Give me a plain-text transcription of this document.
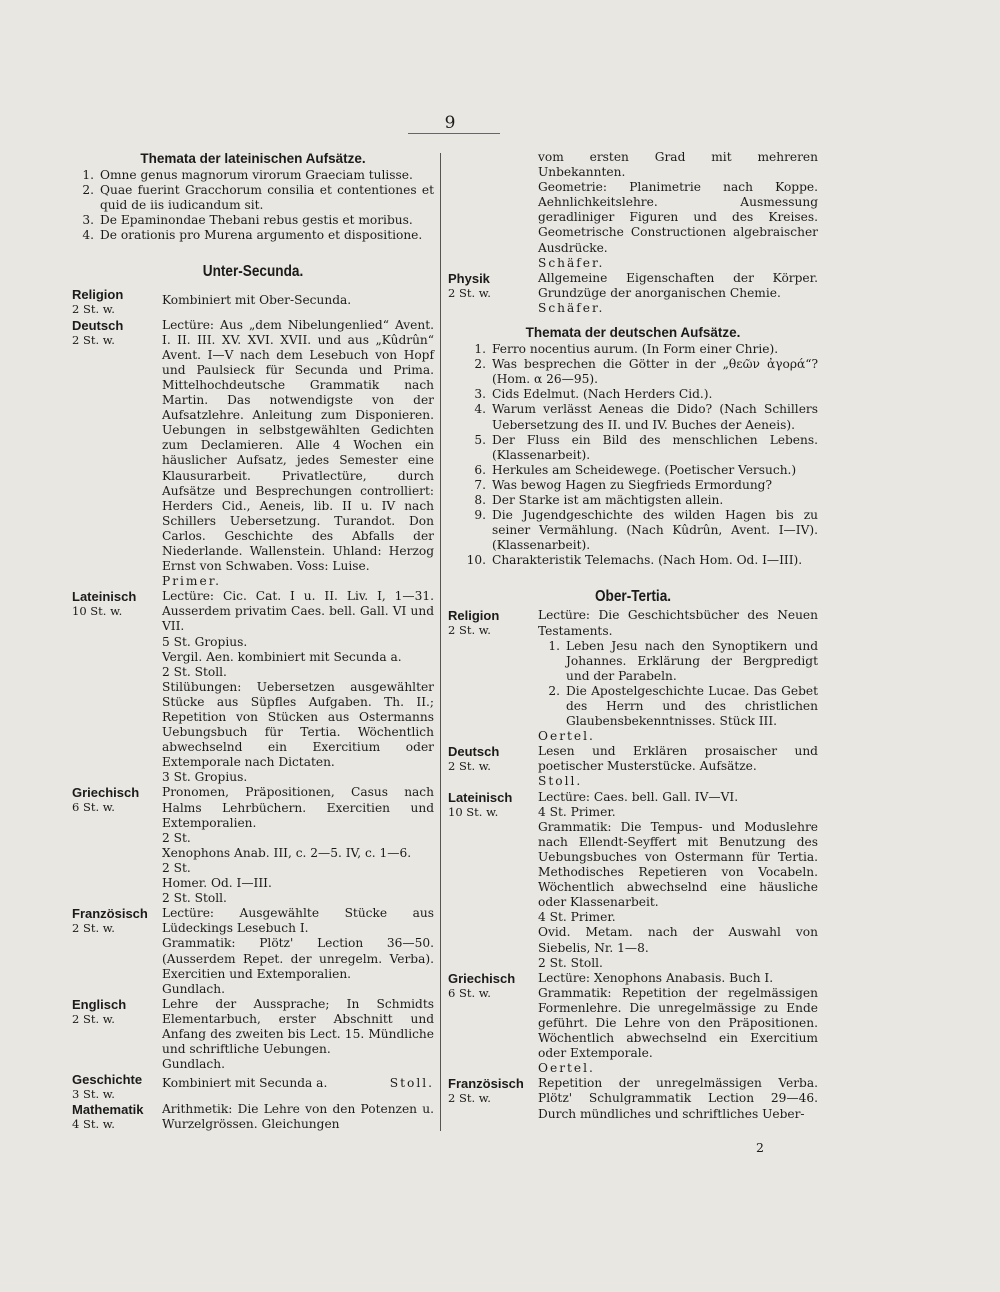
9
Themata der lateinischen Aufsätze.
1. Omne genus magnorum virorum Graeciam tulisse.
2. Quae fuerint Gracchorum consilia et contentiones et quid de iis iudicandum sit.
3. De Epaminondae Thebani rebus gestis et moribus.
4. De orationis pro Murena argumento et dispositione.
Unter-Secunda.
Religion
2 St. w.

Kombiniert mit Ober-Secunda.

Deutsch
2 St. w.

Lectüre: Aus „dem Nibelungenlied“ Avent. I. II. III. XV. XVI. XVII. und aus „Kûdrûn“ Avent. I—V nach dem Lesebuch von Hopf und Paulsieck für Secunda und Prima. Mittelhochdeutsche Grammatik nach Martin. Das notwendigste von der Aufsatzlehre. Anleitung zum Disponieren. Uebungen in selbstgewählten Gedichten zum Declamieren. Alle 4 Wochen ein häuslicher Aufsatz, jedes Semester eine Klausurarbeit. Privatlectüre, durch Aufsätze und Besprechungen controlliert: Herders Cid., Aeneis, lib. II u. IV nach Schillers Uebersetzung. Turandot. Don Carlos. Geschichte des Abfalls der Niederlande. Wallenstein. Uhland: Herzog Ernst von Schwaben. Voss: Luise.

Primer.

Lateinisch
10 St. w.

Lectüre: Cic. Cat. I u. II. Liv. I, 1—31. Ausserdem privatim Caes. bell. Gall. VI und VII.

5 St. Gropius.

Vergil. Aen. kombiniert mit Secunda a.

2 St. Stoll.

Stilübungen: Uebersetzen ausgewählter Stücke aus Süpfles Aufgaben. Th. II.; Repetition von Stücken aus Ostermanns Uebungsbuch für Tertia. Wöchentlich abwechselnd ein Exercitium oder Extemporale nach Dictaten.

3 St. Gropius.

Griechisch
6 St. w.

Pronomen, Präpositionen, Casus nach Halms Lehrbüchern. Exercitien und Extemporalien.

2 St.

Xenophons Anab. III, c. 2—5. IV, c. 1—6.

2 St.

Homer. Od. I—III.

2 St. Stoll.

Französisch
2 St. w.

Lectüre: Ausgewählte Stücke aus Lüdeckings Lesebuch I.

Grammatik: Plötz' Lection 36—50. (Ausserdem Repet. der unregelm. Verba). Exercitien und Extemporalien.

Gundlach.

Englisch
2 St. w.

Lehre der Aussprache; In Schmidts Elementarbuch, erster Abschnitt und Anfang des zweiten bis Lect. 15. Mündliche und schriftliche Uebungen.

Gundlach.

Geschichte
3 St. w.
Kombiniert mit Secunda a.	Stoll.
Mathematik
4 St. w.

Arithmetik: Die Lehre von den Potenzen u. Wurzelgrössen. Gleichungen

vom ersten Grad mit mehreren Unbekannten.

Geometrie: Planimetrie nach Koppe. Aehnlichkeitslehre. Ausmessung geradliniger Figuren und des Kreises. Geometrische Constructionen algebraischer Ausdrücke.

Schäfer.

Physik
2 St. w.

Allgemeine Eigenschaften der Körper. Grundzüge der anorganischen Chemie.

Schäfer.

Themata der deutschen Aufsätze.
1. Ferro nocentius aurum. (In Form einer Chrie).
2. Was besprechen die Götter in der „θεῶν ἀγορά“? (Hom. α 26—95).
3. Cids Edelmut. (Nach Herders Cid.).
4. Warum verlässt Aeneas die Dido? (Nach Schillers Uebersetzung des II. und IV. Buches der Aeneis).
5. Der Fluss ein Bild des menschlichen Lebens. (Klassenarbeit).
6. Herkules am Scheidewege. (Poetischer Versuch.)
7. Was bewog Hagen zu Siegfrieds Ermordung?
8. Der Starke ist am mächtigsten allein.
9. Die Jugendgeschichte des wilden Hagen bis zu seiner Vermählung. (Nach Kûdrûn, Avent. I—IV). (Klassenarbeit).
10. Charakteristik Telemachs. (Nach Hom. Od. I—III).
Ober-Tertia.
Religion
2 St. w.

Lectüre: Die Geschichtsbücher des Neuen Testaments.

1. Leben Jesu nach den Synoptikern und Johannes. Erklärung der Bergpredigt und der Parabeln.
2. Die Apostelgeschichte Lucae. Das Gebet des Herrn und des christlichen Glaubensbekenntnisses. Stück III.

Oertel.

Deutsch
2 St. w.

Lesen und Erklären prosaischer und poetischer Musterstücke. Aufsätze.

Stoll.

Lateinisch
10 St. w.

Lectüre: Caes. bell. Gall. IV—VI.

4 St. Primer.

Grammatik: Die Tempus- und Moduslehre nach Ellendt-Seyffert mit Benutzung des Uebungsbuches von Ostermann für Tertia. Methodisches Repetieren von Vocabeln. Wöchentlich abwechselnd eine häusliche oder Klassenarbeit.

4 St. Primer.

Ovid. Metam. nach der Auswahl von Siebelis, Nr. 1—8.

2 St. Stoll.

Griechisch
6 St. w.

Lectüre: Xenophons Anabasis. Buch I.

Grammatik: Repetition der regelmässigen Formenlehre. Die unregelmässige zu Ende geführt. Die Lehre von den Präpositionen. Wöchentlich abwechselnd ein Exercitium oder Extemporale.

Oertel.

Französisch
2 St. w.

Repetition der unregelmässigen Verba. Plötz' Schulgrammatik Lection 29—46. Durch mündliches und schriftliches Ueber-

2
